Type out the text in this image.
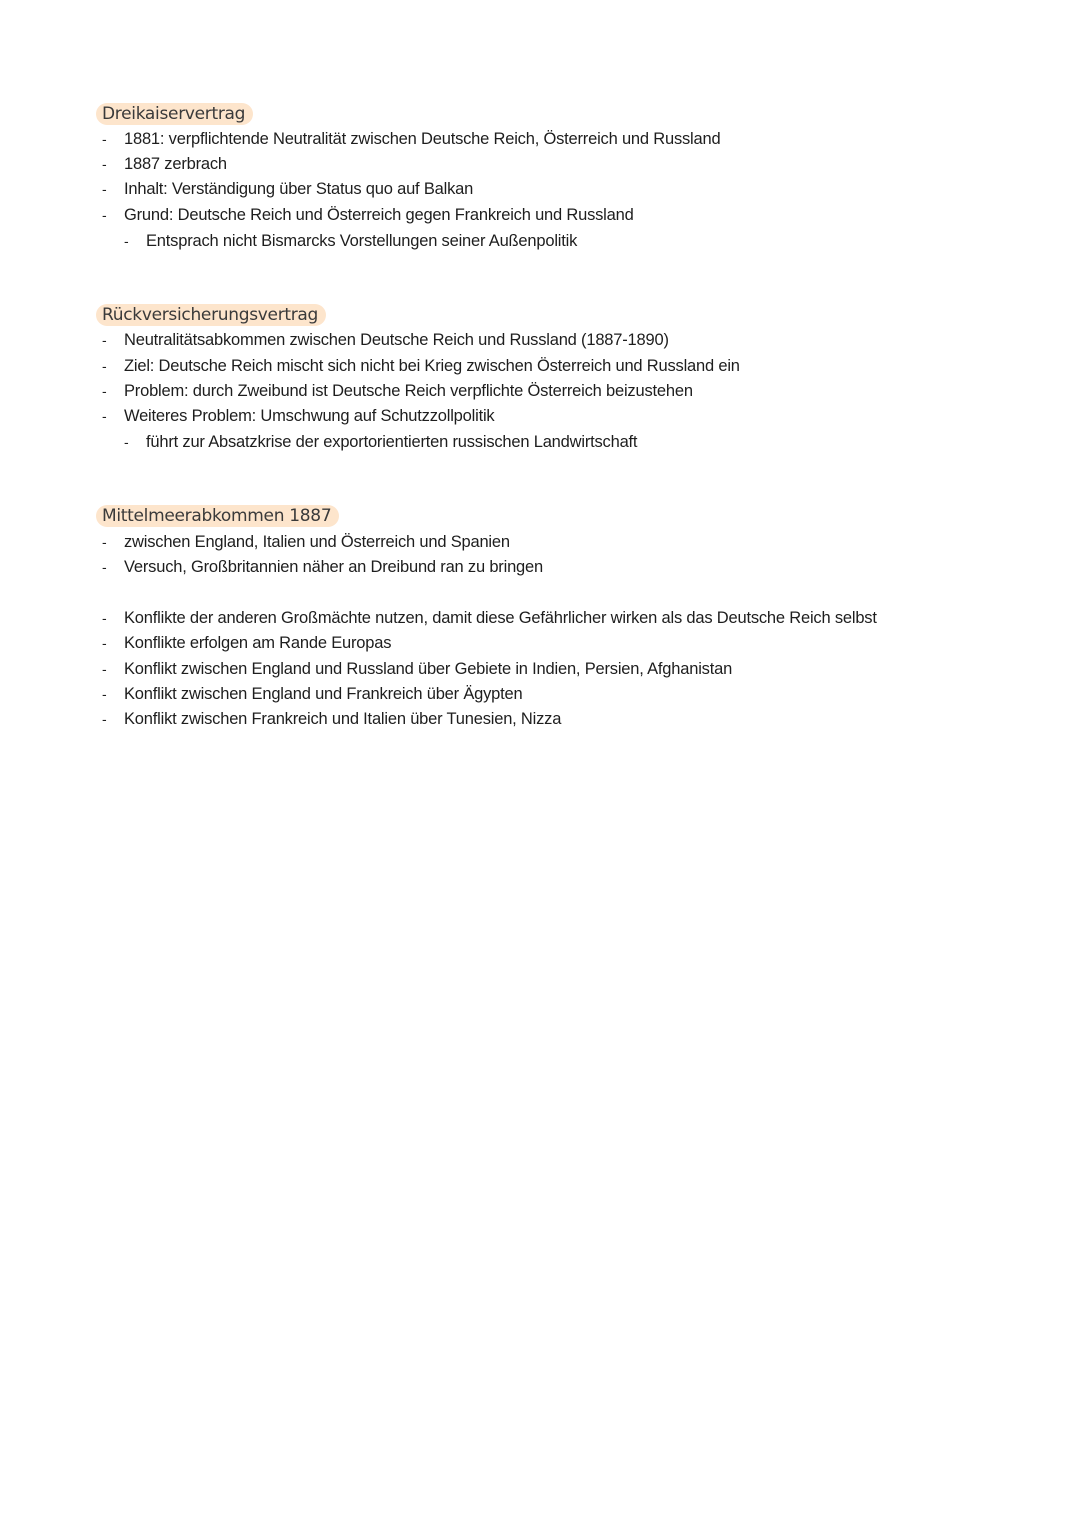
Dreikaiservertrag
- 1881: verpflichtende Neutralität zwischen Deutsche Reich, Österreich und Russland
- 1887 zerbrach
- Inhalt: Verständigung über Status quo auf Balkan
- Grund: Deutsche Reich und Österreich gegen Frankreich und Russland
- Entsprach nicht Bismarcks Vorstellungen seiner Außenpolitik
Rückversicherungsvertrag
- Neutralitätsabkommen zwischen Deutsche Reich und Russland (1887-1890)
- Ziel: Deutsche Reich mischt sich nicht bei Krieg zwischen Österreich und Russland ein
- Problem: durch Zweibund ist Deutsche Reich verpflichte Österreich beizustehen
- Weiteres Problem: Umschwung auf Schutzzollpolitik
- führt zur Absatzkrise der exportorientierten russischen Landwirtschaft
Mittelmeerabkommen 1887
- zwischen England, Italien und Österreich und Spanien
- Versuch, Großbritannien näher an Dreibund ran zu bringen
- Konflikte der anderen Großmächte nutzen, damit diese Gefährlicher wirken als das Deutsche Reich selbst
- Konflikte erfolgen am Rande Europas
- Konflikt zwischen England und Russland über Gebiete in Indien, Persien, Afghanistan
- Konflikt zwischen England und Frankreich über Ägypten
- Konflikt zwischen Frankreich und Italien über Tunesien, Nizza
